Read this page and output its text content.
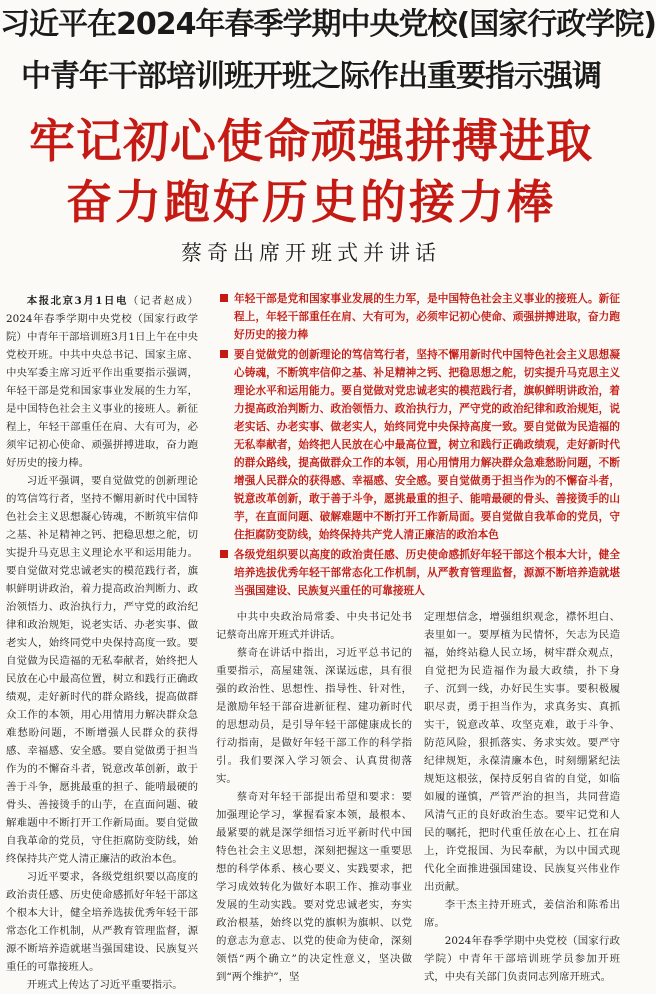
习近平在2024年春季学期中央党校(国家行政学院)
中青年干部培训班开班之际作出重要指示强调
牢记初心使命顽强拼搏进取
奋力跑好历史的接力棒
蔡奇出席开班式并讲话

本报北京3月1日电（记者赵成）2024年春季学期中央党校（国家行政学院）中青年干部培训班3月1日上午在中央党校开班。中共中央总书记、国家主席、中央军委主席习近平作出重要指示强调，年轻干部是党和国家事业发展的生力军，是中国特色社会主义事业的接班人。新征程上，年轻干部重任在肩、大有可为，必须牢记初心使命、顽强拼搏进取，奋力跑好历史的接力棒。

习近平强调，要自觉做党的创新理论的笃信笃行者，坚持不懈用新时代中国特色社会主义思想凝心铸魂，不断筑牢信仰之基、补足精神之钙、把稳思想之舵，切实提升马克思主义理论水平和运用能力。要自觉做对党忠诚老实的模范践行者，旗帜鲜明讲政治，着力提高政治判断力、政治领悟力、政治执行力，严守党的政治纪律和政治规矩，说老实话、办老实事、做老实人，始终同党中央保持高度一致。要自觉做为民造福的无私奉献者，始终把人民放在心中最高位置，树立和践行正确政绩观，走好新时代的群众路线，提高做群众工作的本领，用心用情用力解决群众急难愁盼问题，不断增强人民群众的获得感、幸福感、安全感。要自觉做勇于担当作为的不懈奋斗者，锐意改革创新，敢于善于斗争，愿挑最重的担子、能啃最硬的骨头、善接烫手的山芋，在直面问题、破解难题中不断打开工作新局面。要自觉做自我革命的党员，守住拒腐防变防线，始终保持共产党人清正廉洁的政治本色。

习近平要求，各级党组织要以高度的政治责任感、历史使命感抓好年轻干部这个根本大计，健全培养选拔优秀年轻干部常态化工作机制，从严教育管理监督，源源不断培养造就堪当强国建设、民族复兴重任的可靠接班人。

开班式上传达了习近平重要指示。

年轻干部是党和国家事业发展的生力军，是中国特色社会主义事业的接班人。新征程上，年轻干部重任在肩、大有可为，必须牢记初心使命、顽强拼搏进取，奋力跑好历史的接力棒
要自觉做党的创新理论的笃信笃行者，坚持不懈用新时代中国特色社会主义思想凝心铸魂，不断筑牢信仰之基、补足精神之钙、把稳思想之舵，切实提升马克思主义理论水平和运用能力。要自觉做对党忠诚老实的模范践行者，旗帜鲜明讲政治，着力提高政治判断力、政治领悟力、政治执行力，严守党的政治纪律和政治规矩，说老实话、办老实事、做老实人，始终同党中央保持高度一致。要自觉做为民造福的无私奉献者，始终把人民放在心中最高位置，树立和践行正确政绩观，走好新时代的群众路线，提高做群众工作的本领，用心用情用力解决群众急难愁盼问题，不断增强人民群众的获得感、幸福感、安全感。要自觉做勇于担当作为的不懈奋斗者，锐意改革创新，敢于善于斗争，愿挑最重的担子、能啃最硬的骨头、善接烫手的山芋，在直面问题、破解难题中不断打开工作新局面。要自觉做自我革命的党员，守住拒腐防变防线，始终保持共产党人清正廉洁的政治本色
各级党组织要以高度的政治责任感、历史使命感抓好年轻干部这个根本大计，健全培养选拔优秀年轻干部常态化工作机制，从严教育管理监督，源源不断培养造就堪当强国建设、民族复兴重任的可靠接班人

中共中央政治局常委、中央书记处书记蔡奇出席开班式并讲话。

蔡奇在讲话中指出，习近平总书记的重要指示，高屋建瓴、深谋远虑，具有很强的政治性、思想性、指导性、针对性，是激励年轻干部奋进新征程、建功新时代的思想动员，是引导年轻干部健康成长的行动指南，是做好年轻干部工作的科学指引。我们要深入学习领会、认真贯彻落实。

蔡奇对年轻干部提出希望和要求：要加强理论学习，掌握看家本领，最根本、最紧要的就是深学细悟习近平新时代中国特色社会主义思想，深刻把握这一重要思想的科学体系、核心要义、实践要求，把学习成效转化为做好本职工作、推动事业发展的生动实践。要对党忠诚老实，夯实政治根基，始终以党的旗帜为旗帜、以党的意志为意志、以党的使命为使命，深刻领悟“两个确立”的决定性意义，坚决做到“两个维护”，坚

定理想信念，增强组织观念，襟怀坦白、表里如一。要厚植为民情怀，矢志为民造福，始终站稳人民立场，树牢群众观点，自觉把为民造福作为最大政绩，扑下身子、沉到一线，办好民生实事。要积极履职尽责，勇于担当作为，求真务实、真抓实干，锐意改革、攻坚克难，敢于斗争、防范风险，狠抓落实、务求实效。要严守纪律规矩，永葆清廉本色，时刻绷紧纪法规矩这根弦，保持反躬自省的自觉，如临如履的谨慎，严管严治的担当，共同营造风清气正的良好政治生态。要牢记党和人民的嘱托，把时代重任放在心上、扛在肩上，许党报国、为民奉献，为以中国式现代化全面推进强国建设、民族复兴伟业作出贡献。

李干杰主持开班式，姜信治和陈希出席。

2024年春季学期中央党校（国家行政学院）中青年干部培训班学员参加开班式，中央有关部门负责同志列席开班式。
